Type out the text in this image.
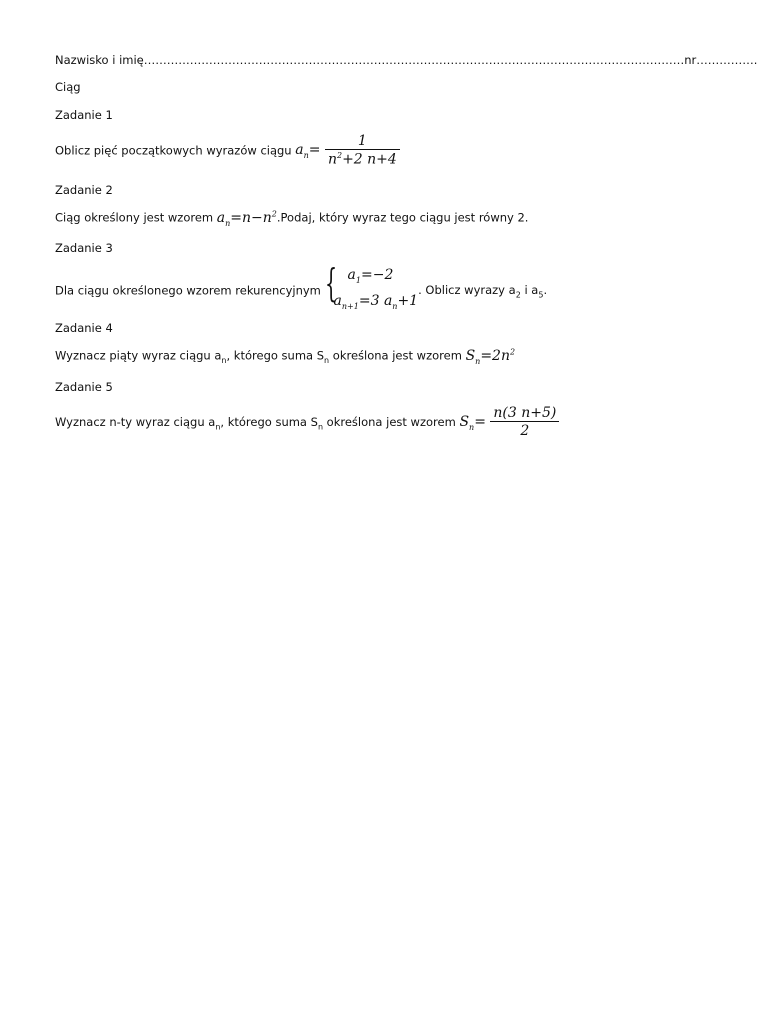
Nazwisko i imię……………………………………………………………………………………………………………………………nr…………….
Ciąg
Zadanie 1
Oblicz pięć początkowych wyrazów ciągu $a_n= \frac{1}{n^2+2 n+4}$
Zadanie 2
Ciąg określony jest wzorem $a_n=n-n^2.Podaj$, który wyraz tego ciągu jest równy 2.
Zadanie 3
Dla ciągu określonego wzorem rekurencyjnym { $a_1=-2$
$a_{n+1}=3$ $a_n+1$
. Oblicz wyrazy $a_2$ i $a_5$.
Zadanie 4
Wyznacz piąty wyraz ciągu $a_n$, którego suma $S_n$ określona jest wzorem $S_n=2n^2$
Zadanie 5
Wyznacz n-ty wyraz ciągu $a_n$, którego suma $S_n$ określona jest wzorem $S_n= \frac{n(3 n+5)}{2}$
